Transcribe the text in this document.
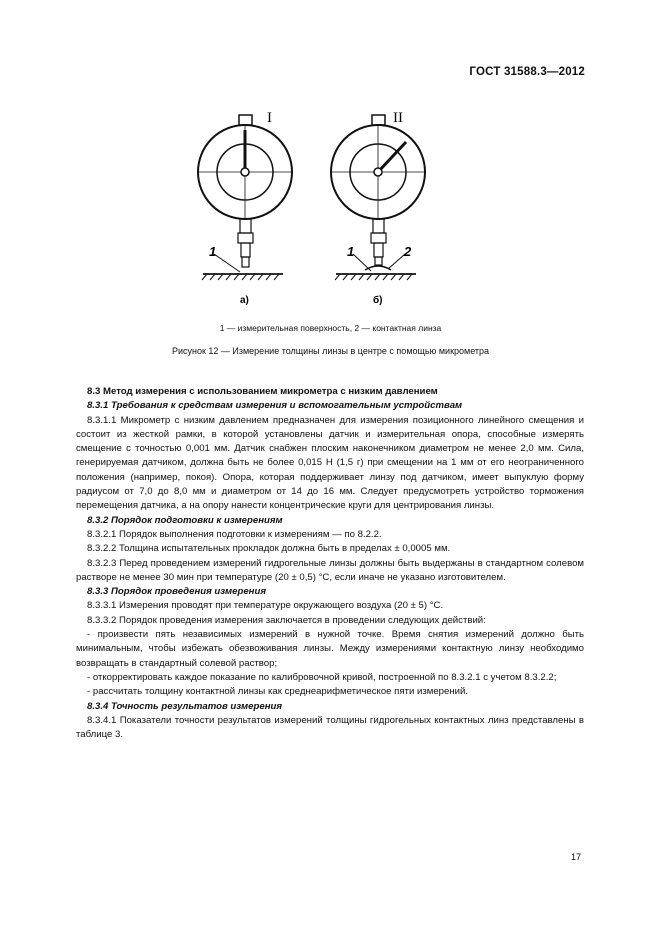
ГОСТ 31588.3—2012
I	II
1	1	2
а)	б)
1 — измерительная поверхность, 2 — контактная линза
Рисунок 12 — Измерение толщины линзы в центре с помощью микрометра

8.3 Метод измерения с использованием микрометра с низким давлением

8.3.1 Требования к средствам измерения и вспомогательным устройствам

8.3.1.1 Микрометр с низким давлением предназначен для измерения позиционного линейного смещения и состоит из жесткой рамки, в которой установлены датчик и измерительная опора, способные измерять смещение с точностью 0,001 мм. Датчик снабжен плоским наконечником диаметром не менее 2,0 мм. Сила, генерируемая датчиком, должна быть не более 0,015 Н (1,5 г) при смещении на 1 мм от его неограниченного положения (например, покоя). Опора, которая поддерживает линзу под датчиком, имеет выпуклую форму радиусом от 7,0 до 8,0 мм и диаметром от 14 до 16 мм. Следует предусмотреть устройство торможения перемещения датчика, а на опору нанести концентрические круги для центрирования линзы.

8.3.2 Порядок подготовки к измерениям

8.3.2.1 Порядок выполнения подготовки к измерениям — по 8.2.2.

8.3.2.2 Толщина испытательных прокладок должна быть в пределах ± 0,0005 мм.

8.3.2.3 Перед проведением измерений гидрогельные линзы должны быть выдержаны в стандартном солевом растворе не менее 30 мин при температуре (20 ± 0,5) °С, если иначе не указано изготовителем.

8.3.3 Порядок проведения измерения

8.3.3.1 Измерения проводят при температуре окружающего воздуха (20 ± 5) °С.

8.3.3.2 Порядок проведения измерения заключается в проведении следующих действий:

- произвести пять независимых измерений в нужной точке. Время снятия измерений должно быть минимальным, чтобы избежать обезвоживания линзы. Между измерениями контактную линзу необходимо возвращать в стандартный солевой раствор;

- откорректировать каждое показание по калибровочной кривой, построенной по 8.3.2.1 с учетом 8.3.2.2;

- рассчитать толщину контактной линзы как среднеарифметическое пяти измерений.

8.3.4 Точность результатов измерения

8.3.4.1 Показатели точности результатов измерений толщины гидрогельных контактных линз представлены в таблице 3.

17
